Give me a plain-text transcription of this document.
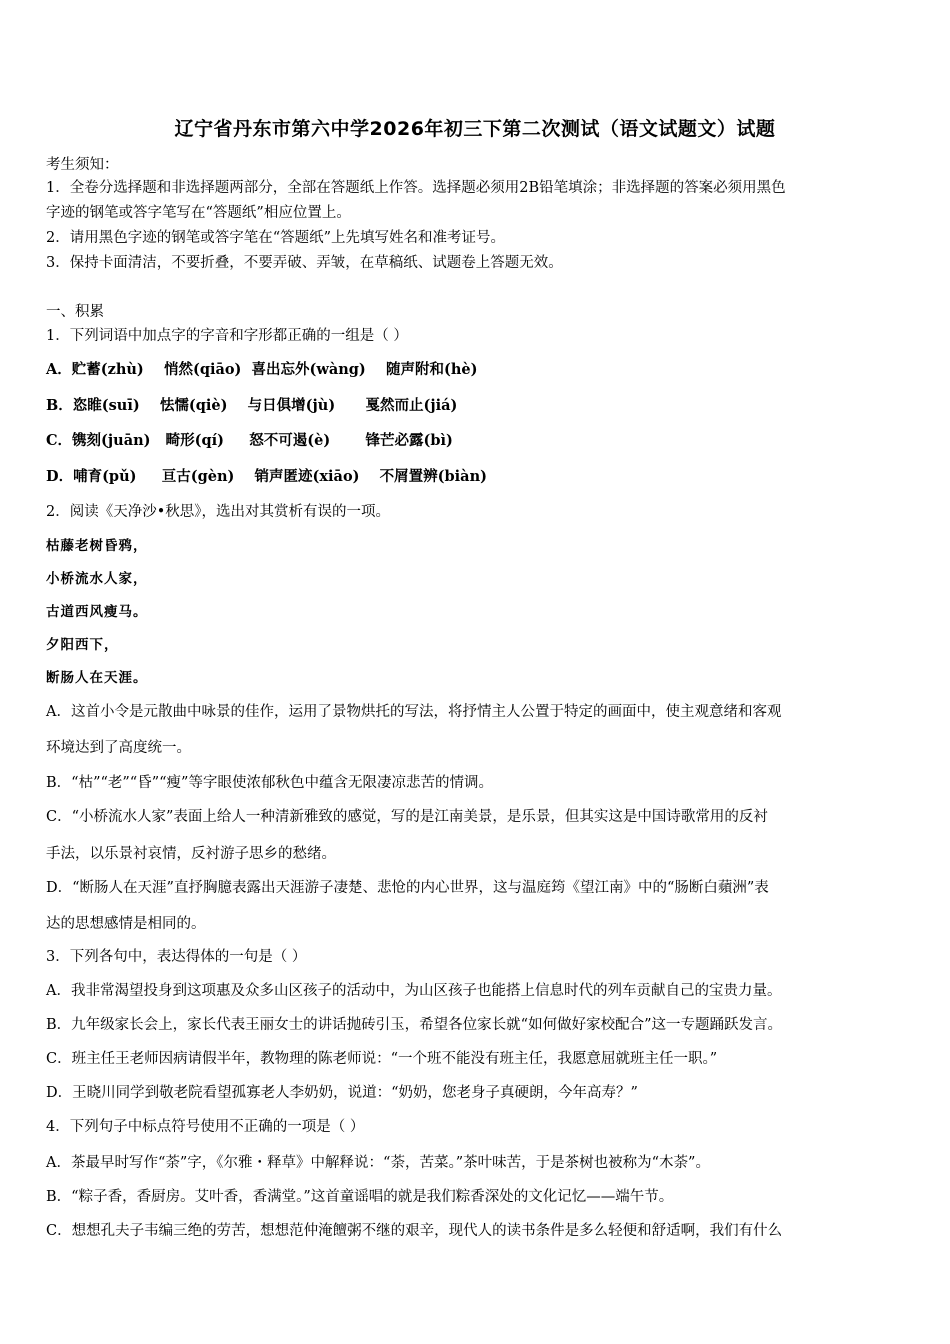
辽宁省丹东市第六中学2026年初三下第二次测试（语文试题文）试题
考生须知：
1．全卷分选择题和非选择题两部分，全部在答题纸上作答。选择题必须用2B铅笔填涂；非选择题的答案必须用黑色
字迹的钢笔或答字笔写在“答题纸”相应位置上。
2．请用黑色字迹的钢笔或答字笔在“答题纸”上先填写姓名和准考证号。
3．保持卡面清洁，不要折叠，不要弄破、弄皱，在草稿纸、试题卷上答题无效。
一、积累
1．下列词语中加点字的字音和字形都正确的一组是（ ）
A．贮蓄(zhù)    悄然(qiāo)  喜出忘外(wàng)    随声附和(hè)
B．恣睢(suī)    怯懦(qiè)    与日俱增(jù)      戛然而止(jiá)
C．镌刻(juān)   畸形(qí)     怒不可遏(è)       锋芒必露(bì)
D．哺育(pǔ)     亘古(gèn)    销声匿迹(xiāo)    不屑置辨(biàn)
2．阅读《天净沙•秋思》，选出对其赏析有误的一项。
枯藤老树昏鸦，
小桥流水人家，
古道西风瘦马。
夕阳西下，
断肠人在天涯。
A．这首小令是元散曲中咏景的佳作，运用了景物烘托的写法，将抒情主人公置于特定的画面中，使主观意绪和客观
环境达到了高度统一。
B．“枯”“老”“昏”“瘦”等字眼使浓郁秋色中蕴含无限凄凉悲苦的情调。
C．“小桥流水人家”表面上给人一种清新雅致的感觉，写的是江南美景，是乐景，但其实这是中国诗歌常用的反衬
手法，以乐景衬哀情，反衬游子思乡的愁绪。
D．“断肠人在天涯”直抒胸臆表露出天涯游子凄楚、悲怆的内心世界，这与温庭筠《望江南》中的“肠断白蘋洲”表
达的思想感情是相同的。
3．下列各句中，表达得体的一句是（ ）
A．我非常渴望投身到这项惠及众多山区孩子的活动中，为山区孩子也能搭上信息时代的列车贡献自己的宝贵力量。
B．九年级家长会上，家长代表王丽女士的讲话抛砖引玉，希望各位家长就“如何做好家校配合”这一专题踊跃发言。
C．班主任王老师因病请假半年，教物理的陈老师说：“一个班不能没有班主任，我愿意屈就班主任一职。”
D．王晓川同学到敬老院看望孤寡老人李奶奶，说道：“奶奶，您老身子真硬朗，今年高寿？”
4．下列句子中标点符号使用不正确的一项是（ ）
A．茶最早时写作“荼”字，《尔雅・释草》中解释说：“荼，苦菜。”茶叶味苦，于是茶树也被称为“木荼”。
B．“粽子香，香厨房。艾叶香，香满堂。”这首童谣唱的就是我们粽香深处的文化记忆——端午节。
C．想想孔夫子韦编三绝的劳苦，想想范仲淹饘粥不继的艰辛，现代人的读书条件是多么轻便和舒适啊，我们有什么
